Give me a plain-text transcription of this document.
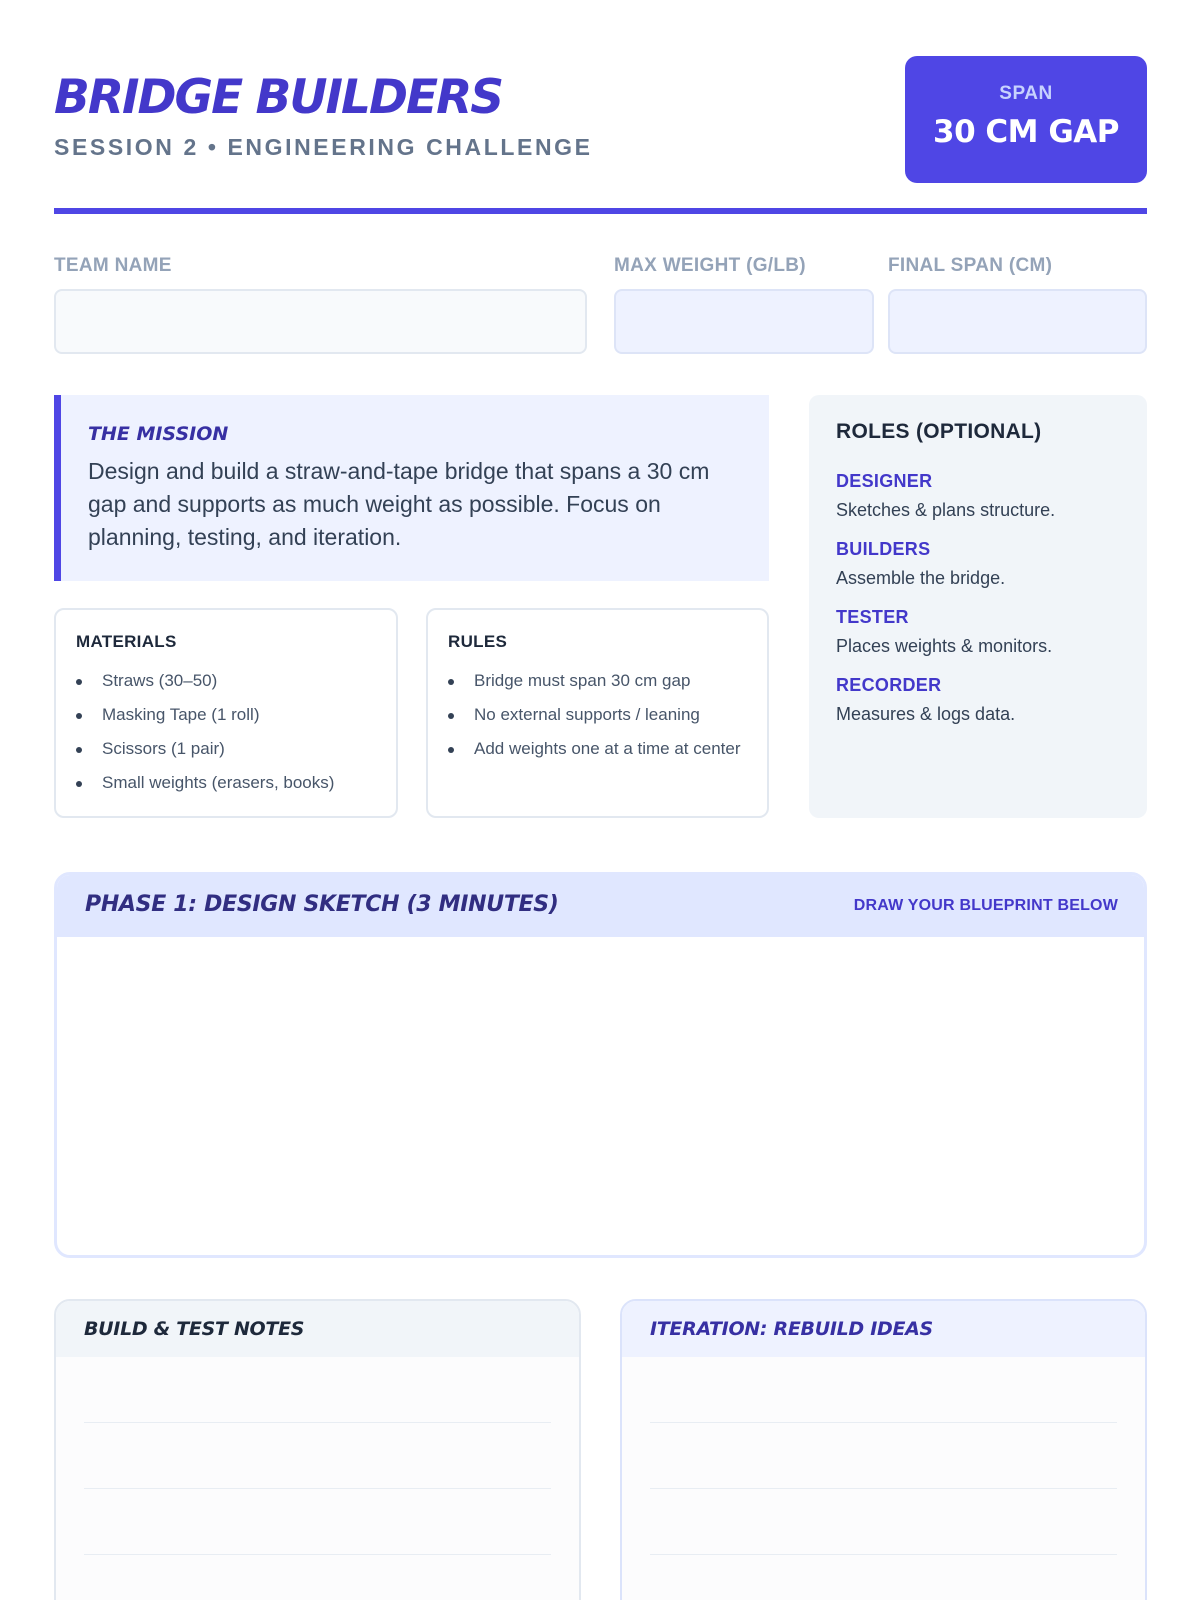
BRIDGE BUILDERS
SESSION 2 • ENGINEERING CHALLENGE
SPAN
30 CM GAP
TEAM NAME	MAX WEIGHT (G/LB)	FINAL SPAN (CM)
THE MISSION
Design and build a straw-and-tape bridge that spans a 30 cm gap and supports as much weight as possible. Focus on planning, testing, and iteration.
MATERIALS
Straws (30–50)
Masking Tape (1 roll)
Scissors (1 pair)
Small weights (erasers, books)
RULES
Bridge must span 30 cm gap
No external supports / leaning
Add weights one at a time at center
ROLES (OPTIONAL)
DESIGNER
Sketches & plans structure.
BUILDERS
Assemble the bridge.
TESTER
Places weights & monitors.
RECORDER
Measures & logs data.
PHASE 1: DESIGN SKETCH (3 MINUTES)	DRAW YOUR BLUEPRINT BELOW
BUILD & TEST NOTES	ITERATION: REBUILD IDEAS
